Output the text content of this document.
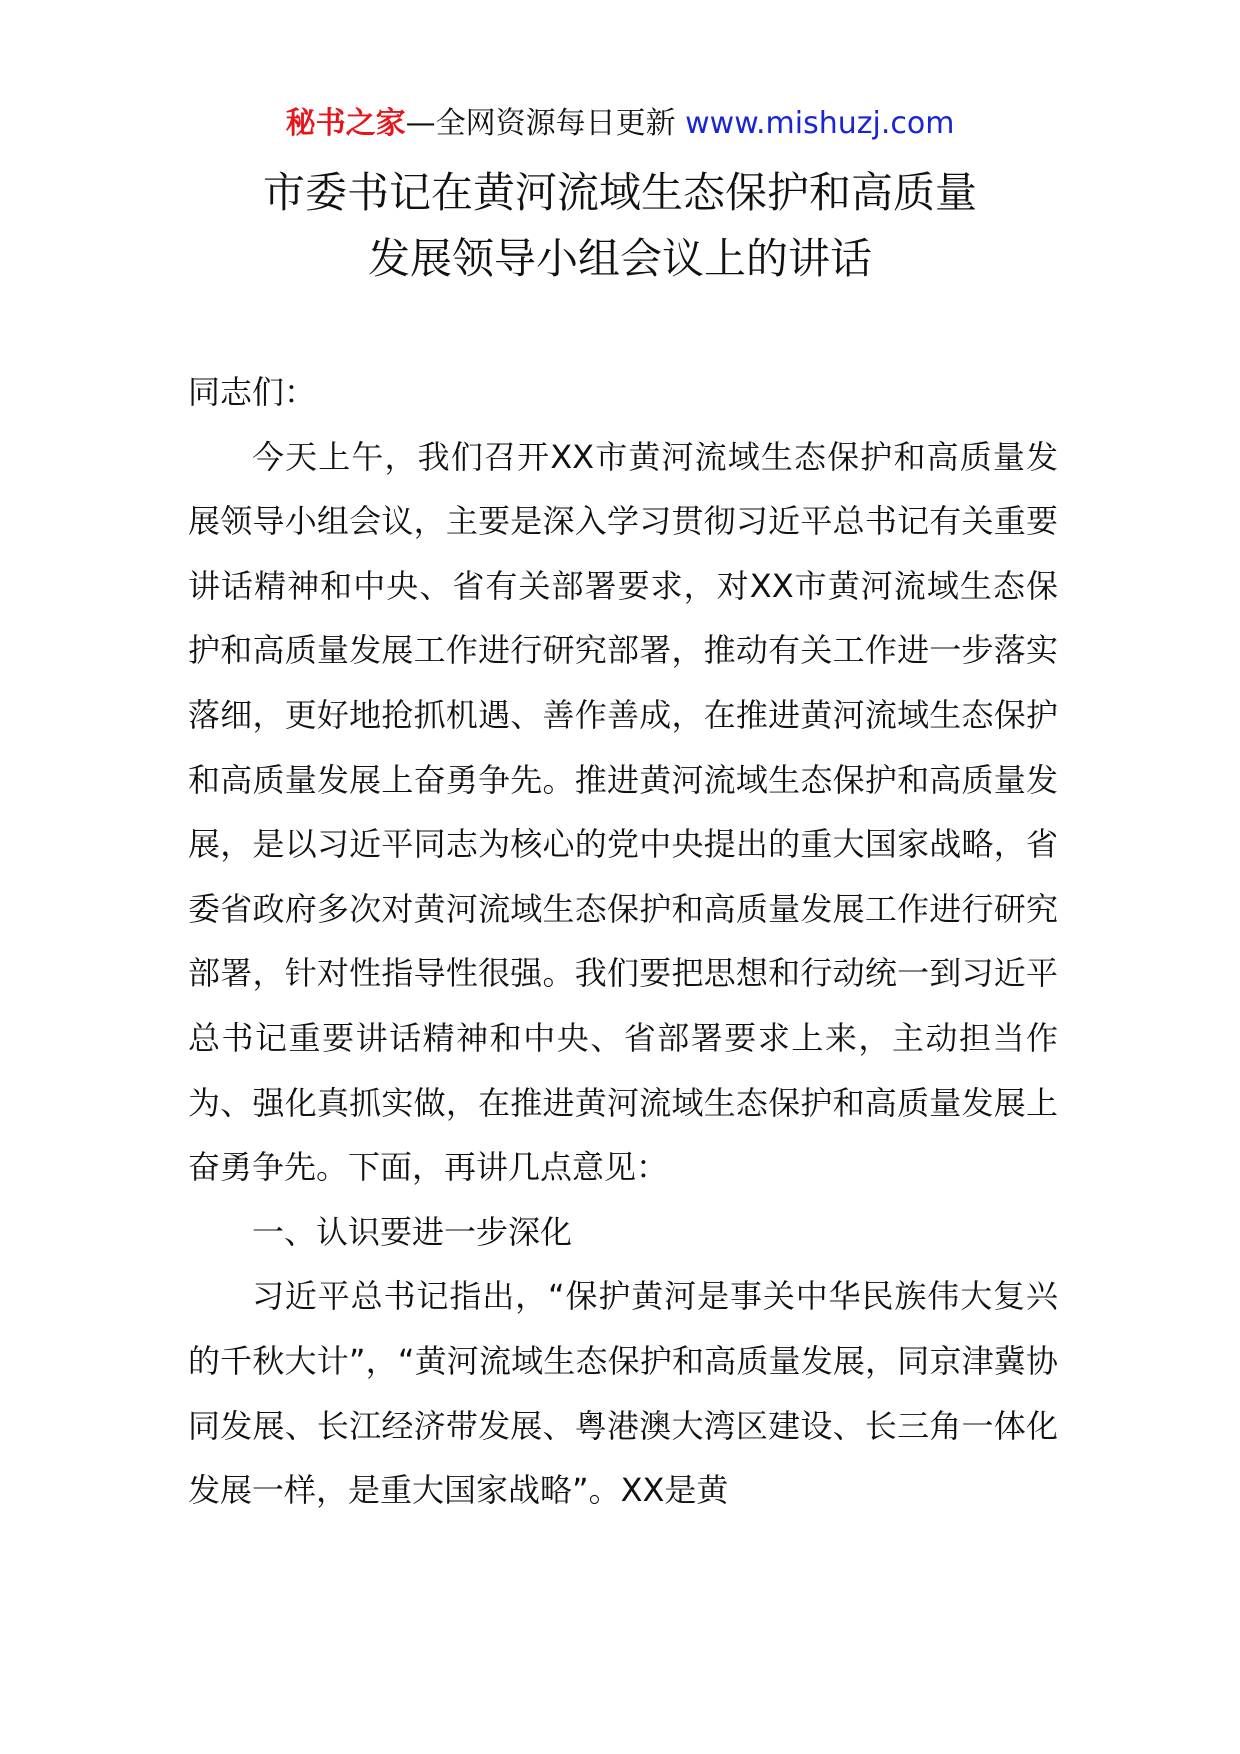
秘书之家—全网资源每日更新 www.mishuzj.com
市委书记在黄河流域生态保护和高质量
发展领导小组会议上的讲话

同志们：

今天上午，我们召开XX市黄河流域生态保护和高质量发展领导小组会议，主要是深入学习贯彻习近平总书记有关重要讲话精神和中央、省有关部署要求，对XX市黄河流域生态保护和高质量发展工作进行研究部署，推动有关工作进一步落实落细，更好地抢抓机遇、善作善成，在推进黄河流域生态保护和高质量发展上奋勇争先。推进黄河流域生态保护和高质量发展，是以习近平同志为核心的党中央提出的重大国家战略，省委省政府多次对黄河流域生态保护和高质量发展工作进行研究部署，针对性指导性很强。我们要把思想和行动统一到习近平总书记重要讲话精神和中央、省部署要求上来，主动担当作为、强化真抓实做，在推进黄河流域生态保护和高质量发展上奋勇争先。下面，再讲几点意见：

一、认识要进一步深化

习近平总书记指出，“保护黄河是事关中华民族伟大复兴的千秋大计”，“黄河流域生态保护和高质量发展，同京津冀协同发展、长江经济带发展、粤港澳大湾区建设、长三角一体化发展一样，是重大国家战略”。XX是黄
